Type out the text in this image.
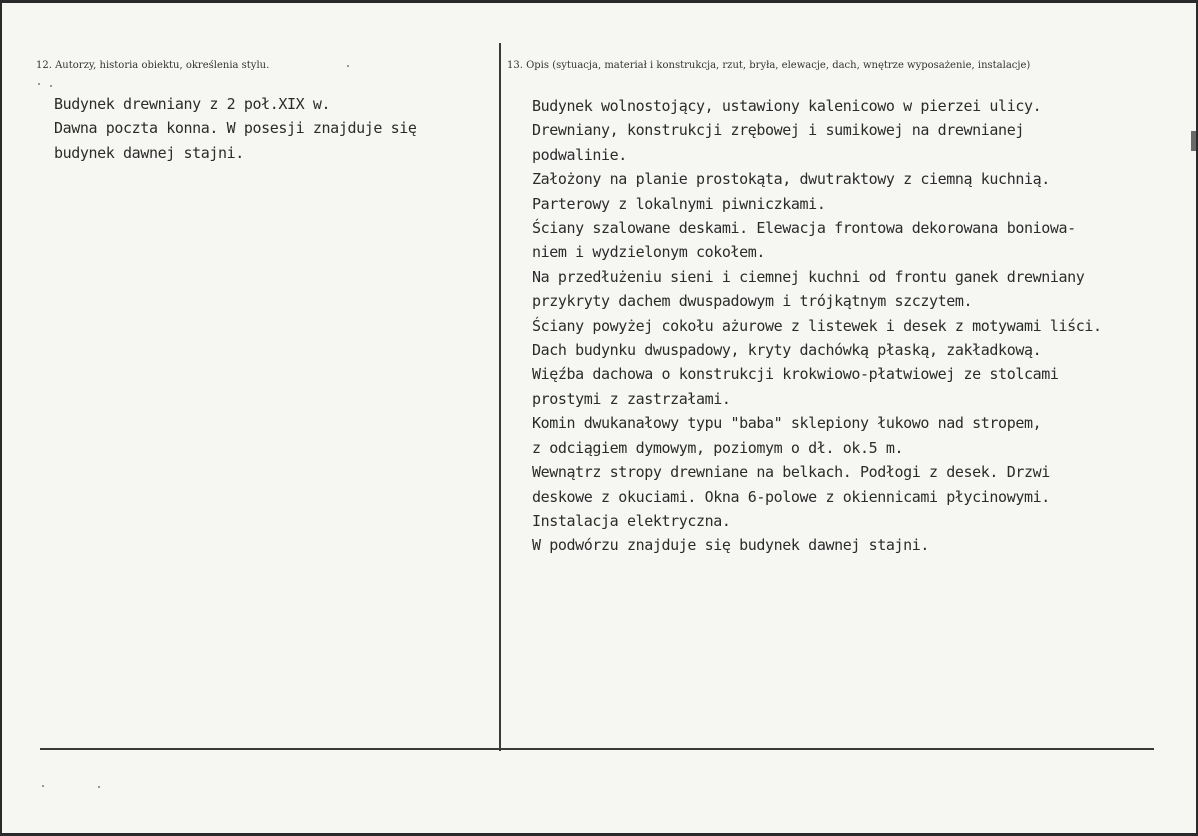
12. Autorzy, historia obiektu, określenia stylu.	13. Opis (sytuacja, materiał i konstrukcja, rzut, bryła, elewacje, dach, wnętrze wyposażenie, instalacje)
Budynek drewniany z 2 poł.XIX w.
Dawna poczta konna. W posesji znajduje się
budynek dawnej stajni.
Budynek wolnostojący, ustawiony kalenicowo w pierzei ulicy.
Drewniany, konstrukcji zrębowej i sumikowej na drewnianej
podwalinie.
Założony na planie prostokąta, dwutraktowy z ciemną kuchnią.
Parterowy z lokalnymi piwniczkami.
Ściany szalowane deskami. Elewacja frontowa dekorowana boniowa-
niem i wydzielonym cokołem.
Na przedłużeniu sieni i ciemnej kuchni od frontu ganek drewniany
przykryty dachem dwuspadowym i trójkątnym szczytem.
Ściany powyżej cokołu ażurowe z listewek i desek z motywami liści.
Dach budynku dwuspadowy, kryty dachówką płaską, zakładkową.
Więźba dachowa o konstrukcji krokwiowo-płatwiowej ze stolcami
prostymi z zastrzałami.
Komin dwukanałowy typu "baba" sklepiony łukowo nad stropem,
z odciągiem dymowym, poziomym o dł. ok.5 m.
Wewnątrz stropy drewniane na belkach. Podłogi z desek. Drzwi
deskowe z okuciami. Okna 6-polowe z okiennicami płycinowymi.
Instalacja elektryczna.
W podwórzu znajduje się budynek dawnej stajni.
